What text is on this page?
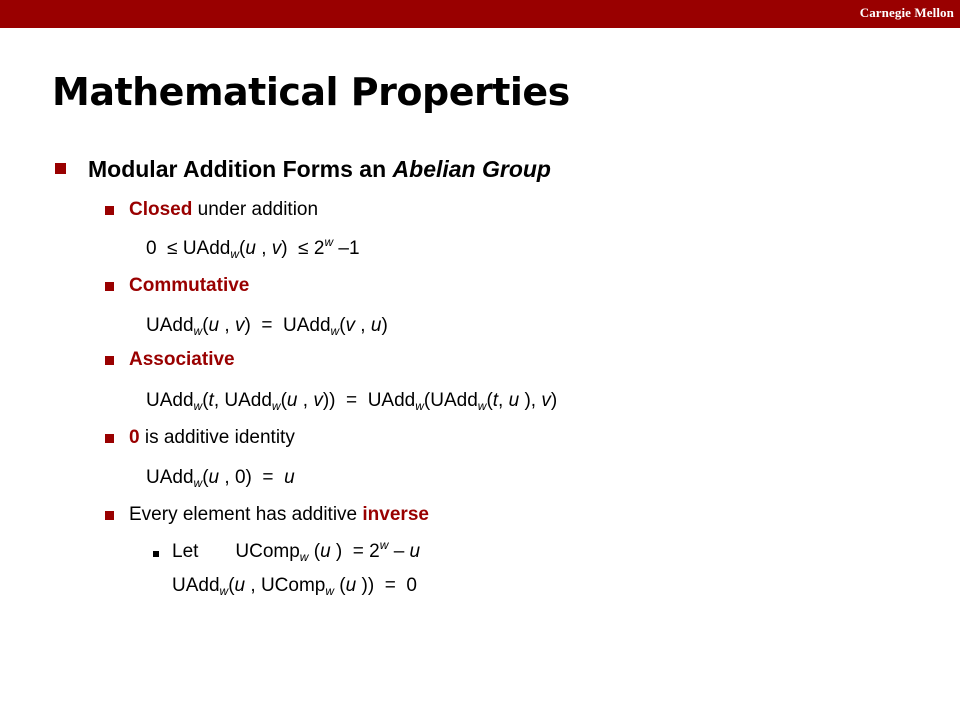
Carnegie Mellon
Mathematical Properties
Modular Addition Forms an Abelian Group
Closed under addition
0  ≤ UAdd$_w$(u , $v) \le 2^w$ –1
Commutative
UAdd$_w$(u , v)  =  UAdd$_w$(v , u)
Associative
UAdd$_w$(t, UAdd$_w$(u , v))  =  UAdd$_w$(UAdd$_w$(t, u ), v)
0 is additive identity
UAdd$_w$(u , 0)  =  u
Every element has additive inverse
Let       UComp$_w$ (u )  = $2^w$ – u
UAdd$_w$(u , UComp$_w$ (u ))  =  0
